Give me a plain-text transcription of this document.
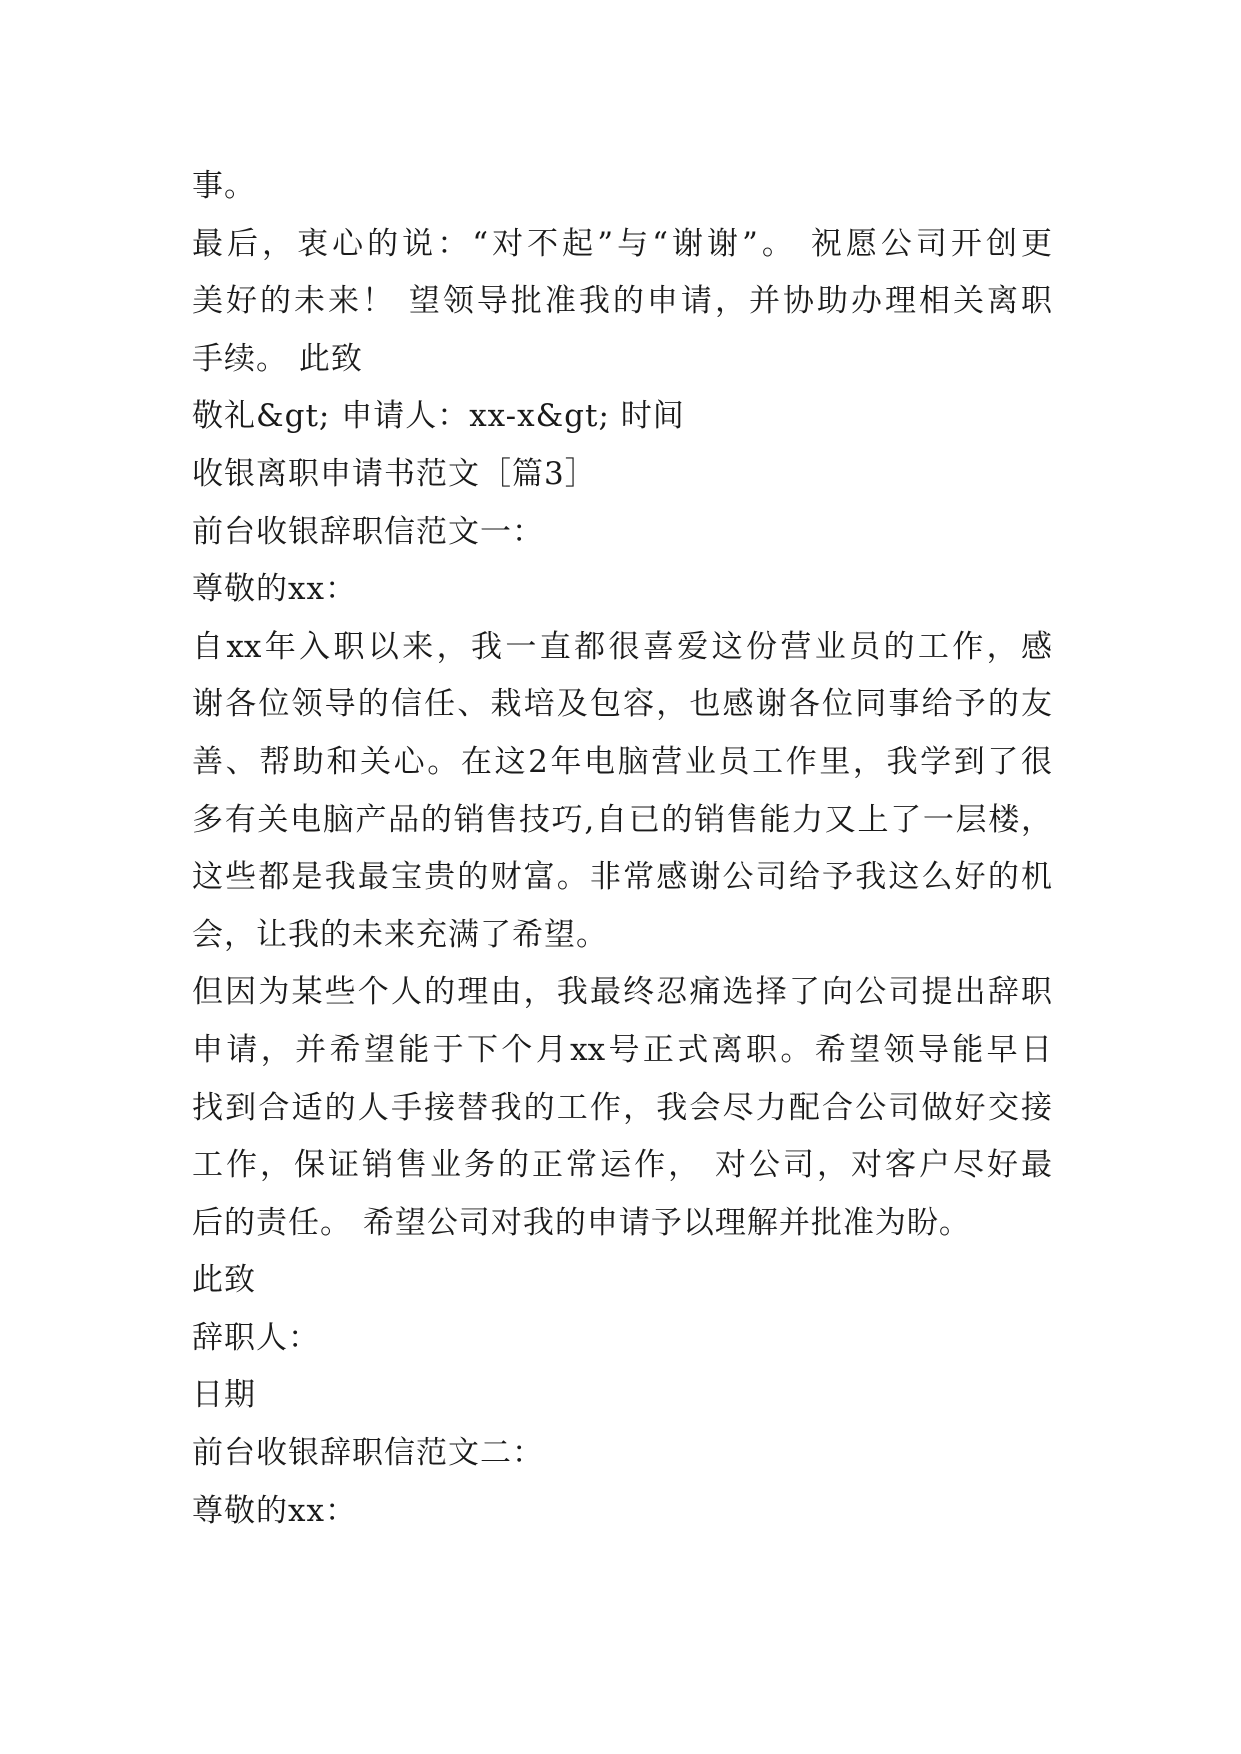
事。
最后，衷心的说：“对不起”与“谢谢”。 祝愿公司开创更
美好的未来！ 望领导批准我的申请，并协助办理相关离职
手续。 此致
敬礼&gt; 申请人：xx-x&gt; 时间
收银离职申请书范文［篇3］
前台收银辞职信范文一：
尊敬的xx：
自xx年入职以来，我一直都很喜爱这份营业员的工作，感
谢各位领导的信任、栽培及包容，也感谢各位同事给予的友
善、帮助和关心。在这2年电脑营业员工作里，我学到了很
多有关电脑产品的销售技巧,自已的销售能力又上了一层楼，
这些都是我最宝贵的财富。非常感谢公司给予我这么好的机
会，让我的未来充满了希望。
但因为某些个人的理由，我最终忍痛选择了向公司提出辞职
申请，并希望能于下个月xx号正式离职。希望领导能早日
找到合适的人手接替我的工作，我会尽力配合公司做好交接
工作，保证销售业务的正常运作， 对公司，对客户尽好最
后的责任。 希望公司对我的申请予以理解并批准为盼。
此致
辞职人：
日期
前台收银辞职信范文二：
尊敬的xx：
